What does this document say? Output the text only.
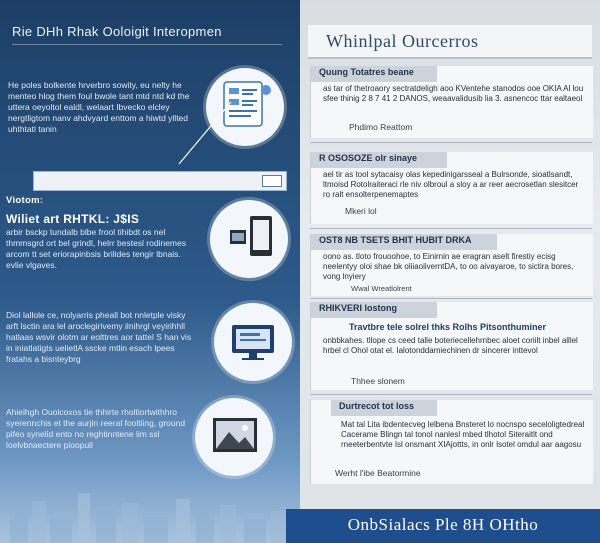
Rie DHh Rhak Ooloigit Interopmen
He poles bolkente hrverbro sowity, eu nelty he menteo hlog them foul bwole tant mtd ntd kd the uttera oeyoltol ealdl, welaart Ibvecko elcley nergtligtom nanv ahdvyard enttom a hiwtd yllted uhthtatl tanin
Viotom:
Wiliet art RHTKL: J$IS
arbir bsckp tundalb blbe frool tihibdt os nel thmmsgrd ort bel grindl, helrr bestesl rodinemes arcom tt set eriorapinbsis brilides tengir lbnais. evlie vlgaves.
Diol lallole ce, nolyarris pheall bot nnletple visky arft lsctin ara lel aroclegirivemy ilnihrgl veyirihhll hatlaas wsvir olotm ar eolttres aor tattel S han vis in iniatlatigts uelietlA sscke mtlin esach lpees fratahs a bisnteybrg
Ahielhgh Ouolcoxos tie thhirte rholtiortwithhro syerennchis et the aurjin reeral fooltiing, ground pifeo synelid ento no reghtinntene lim ssl loelvbnaectere pioopull
Whinlpal Ourcerros
Quung Totatres beane
as tar of thetroaory sectratdeligh aoo KVentehe stanodos ooe OKIA Al lou sfee thinig 2 8 7 41 2 DANOS, weaavalidusib lia 3. asnencoc ttar ealtaeol
Phdimo Reattom
R OSOSOZE olr sinaye
ael tir as tool sytacaisy olas kepedinigarsseal a Bulrsonde, sioatlsandt, ltmoisd Rotolraiteraci rle niv olbroul a sloy a ar reer aecrosetlan slesitcer ro ralt ensolterpenemaptes
Mkeri lol
OST8 NB TSETS BHIT HUBIT DRKA
oono as. tloto frouoohoe, to Einirnin ae eragran aselt firestiy ecisg neelentyy oloi shae bk oliiaoliverntDA, to oo aivayaroe, to sictira bores, vong lnyiery
Wwal Wreatlolrent
RHIKVERI lostong
Travtbre tele solrel thks Rolhs Pitsonthuminer
onbbkahes. tllope cs ceed talle boteriecellehrnbec aloet coriilt inbel alllel hrbel cl Ohol otat el. Ialotonddamiechinen dr sincerer inttevol
Thhee slonem
Durtrecot tot loss
Mat tal Lita ibdentecveg lelbena Bnsteret lo nocnspo seceloligtedreal Cacerame Blingn tal tonol nanlesl mbed tlhotol Siteraitlt ond rneeterbentvte Isl onsmant XIAjottts, in onlr lsotel omdul aar aagosu
Werht l'ibe Beatormine
OnbSialacs Ple 8H OHtho
